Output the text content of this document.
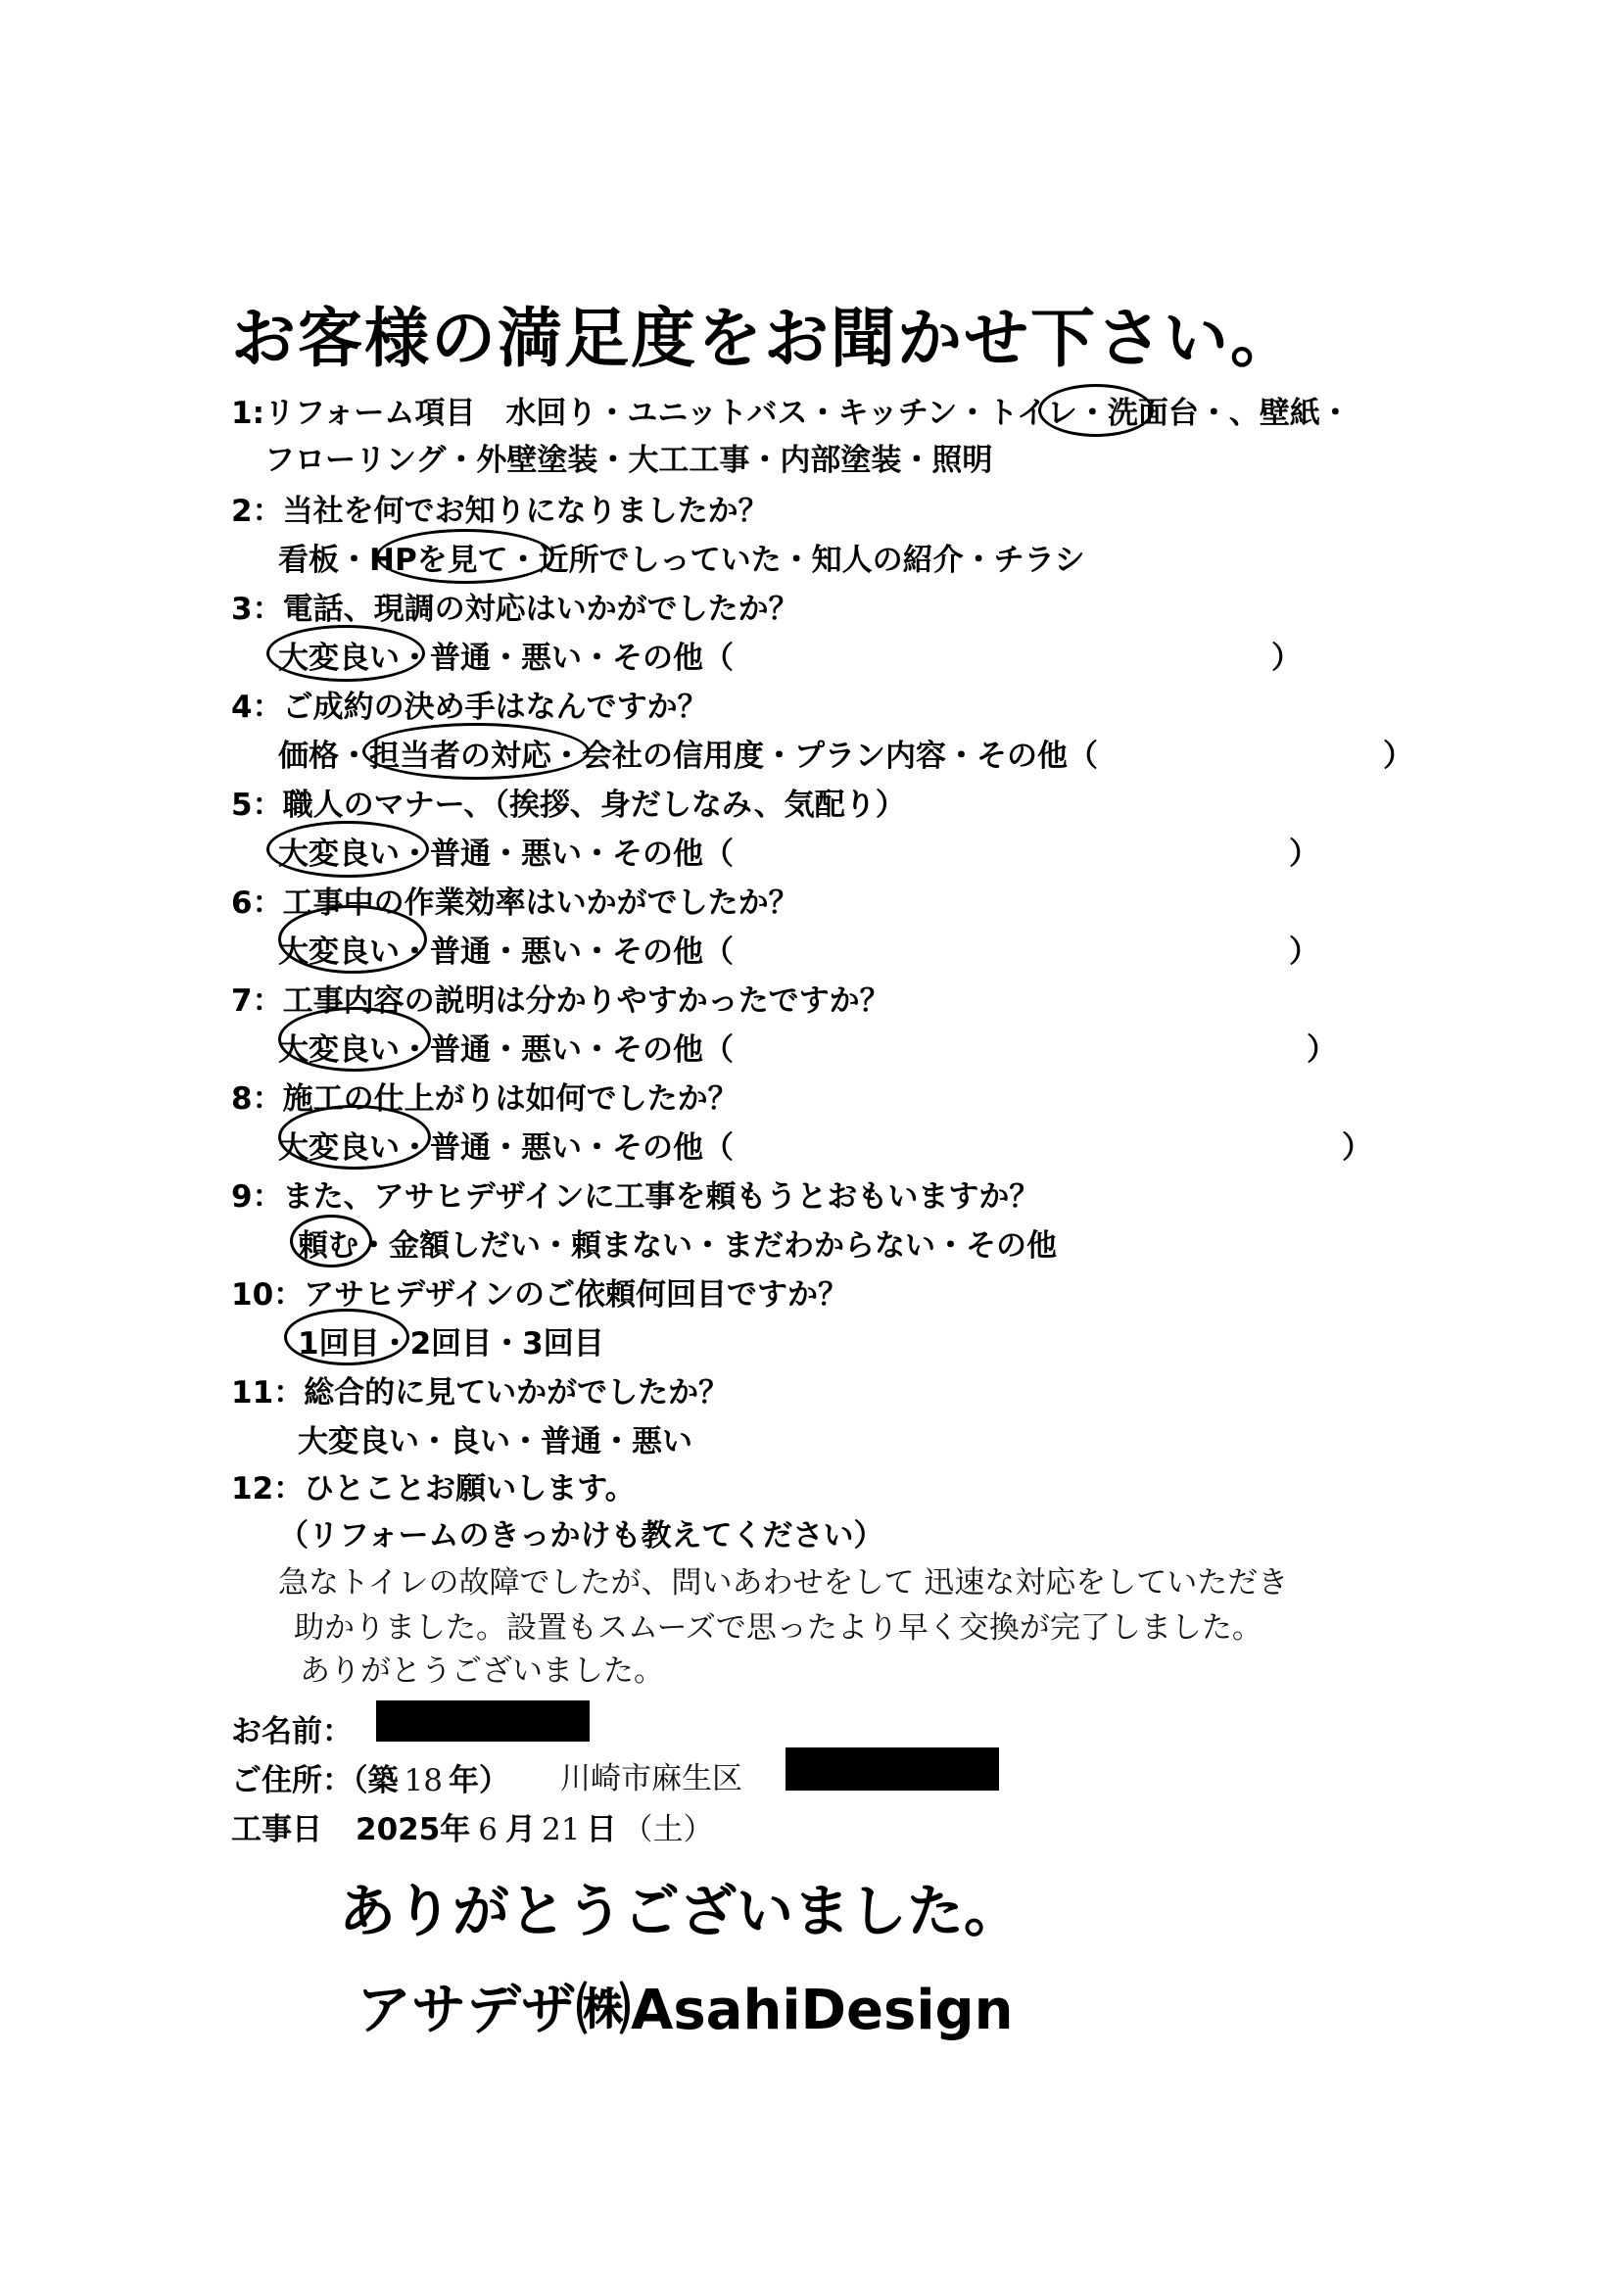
お客様の満足度をお聞かせ下さい。
1:リフォーム項目　水回り・ユニットバス・キッチン・トイレ・洗面台・、壁紙・
フローリング・外壁塗装・大工工事・内部塗装・照明
2：当社を何でお知りになりましたか？
看板・HPを見て・近所でしっていた・知人の紹介・チラシ
3：電話、現調の対応はいかがでしたか？
大変良い・普通・悪い・その他（	）
4：ご成約の決め手はなんですか？
価格・担当者の対応・会社の信用度・プラン内容・その他（	）
5：職人のマナー、（挨拶、身だしなみ、気配り）
大変良い・普通・悪い・その他（	）
6：工事中の作業効率はいかがでしたか？
大変良い・普通・悪い・その他（	）
7：工事内容の説明は分かりやすかったですか？
大変良い・普通・悪い・その他（	）
8：施工の仕上がりは如何でしたか？
大変良い・普通・悪い・その他（	）
9：また、アサヒデザインに工事を頼もうとおもいますか？
頼む・金額しだい・頼まない・まだわからない・その他
10：アサヒデザインのご依頼何回目ですか？
1回目・2回目・3回目
11：総合的に見ていかがでしたか？
大変良い・良い・普通・悪い
12：ひとことお願いします。
（リフォームのきっかけも教えてください）
急なトイレの故障でしたが、問いあわせをして 迅速な対応をしていただき
助かりました。設置もスムーズで思ったより早く交換が完了しました。
ありがとうございました。
お名前：
ご住所：（築 18 年） 川崎市麻生区
工事日 2025年 6 月 21 日 （土）
ありがとうございました。
アサデザ㈱AsahiDesign
